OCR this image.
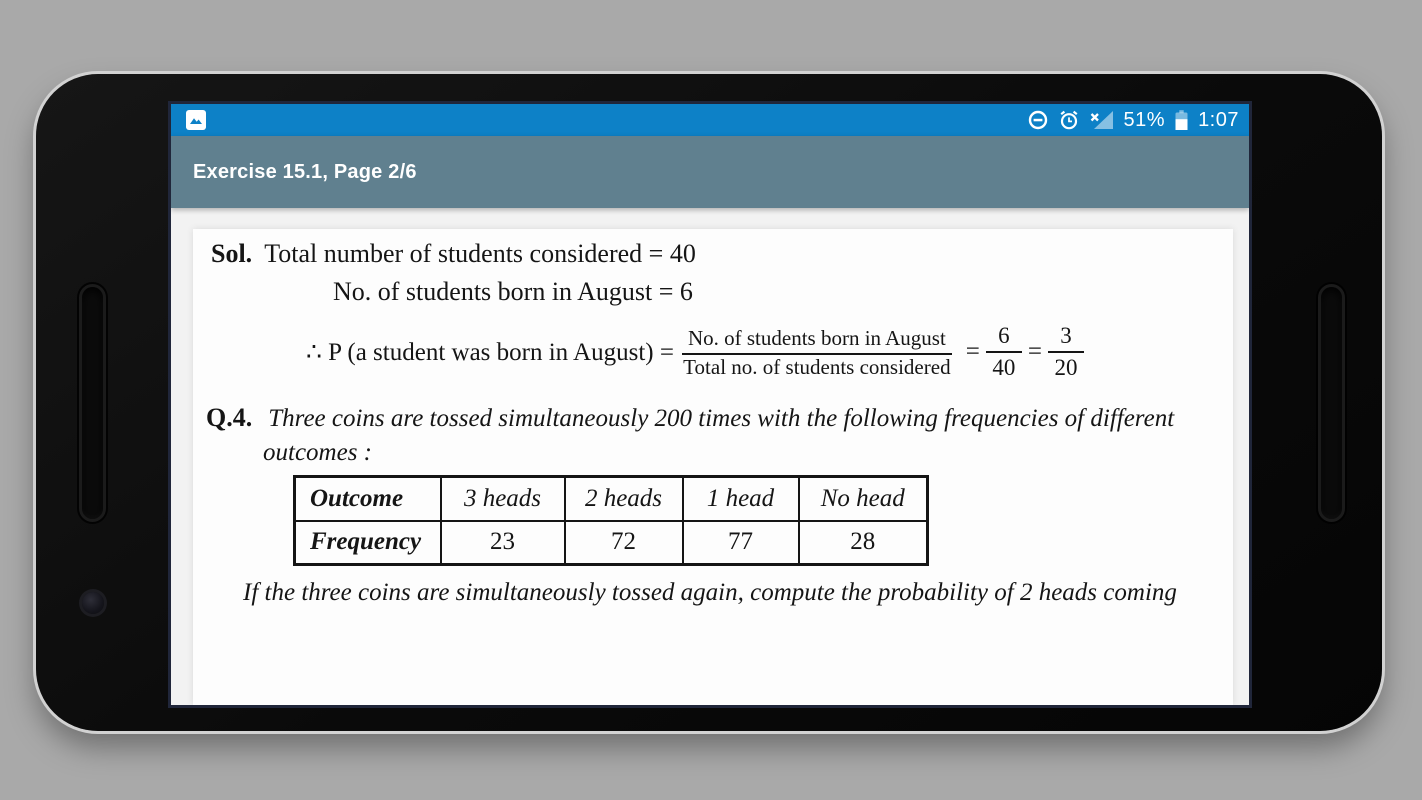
51% 1:07
Exercise 15.1, Page 2/6
Sol. Total number of students considered = 40
No. of students born in August = 6
∴ P (a student was born in August) = $\frac{\text{No. of students born in August}}{\text{Total no. of students considered}} = \frac{6}{40} = \frac{3}{20}$
Q.4. Three coins are tossed simultaneously 200 times with the following frequencies of different
outcomes :
Outcome	3 heads	2 heads	1 head	No head
Frequency	23	72	77	28
If the three coins are simultaneously tossed again, compute the probability of 2 heads coming
